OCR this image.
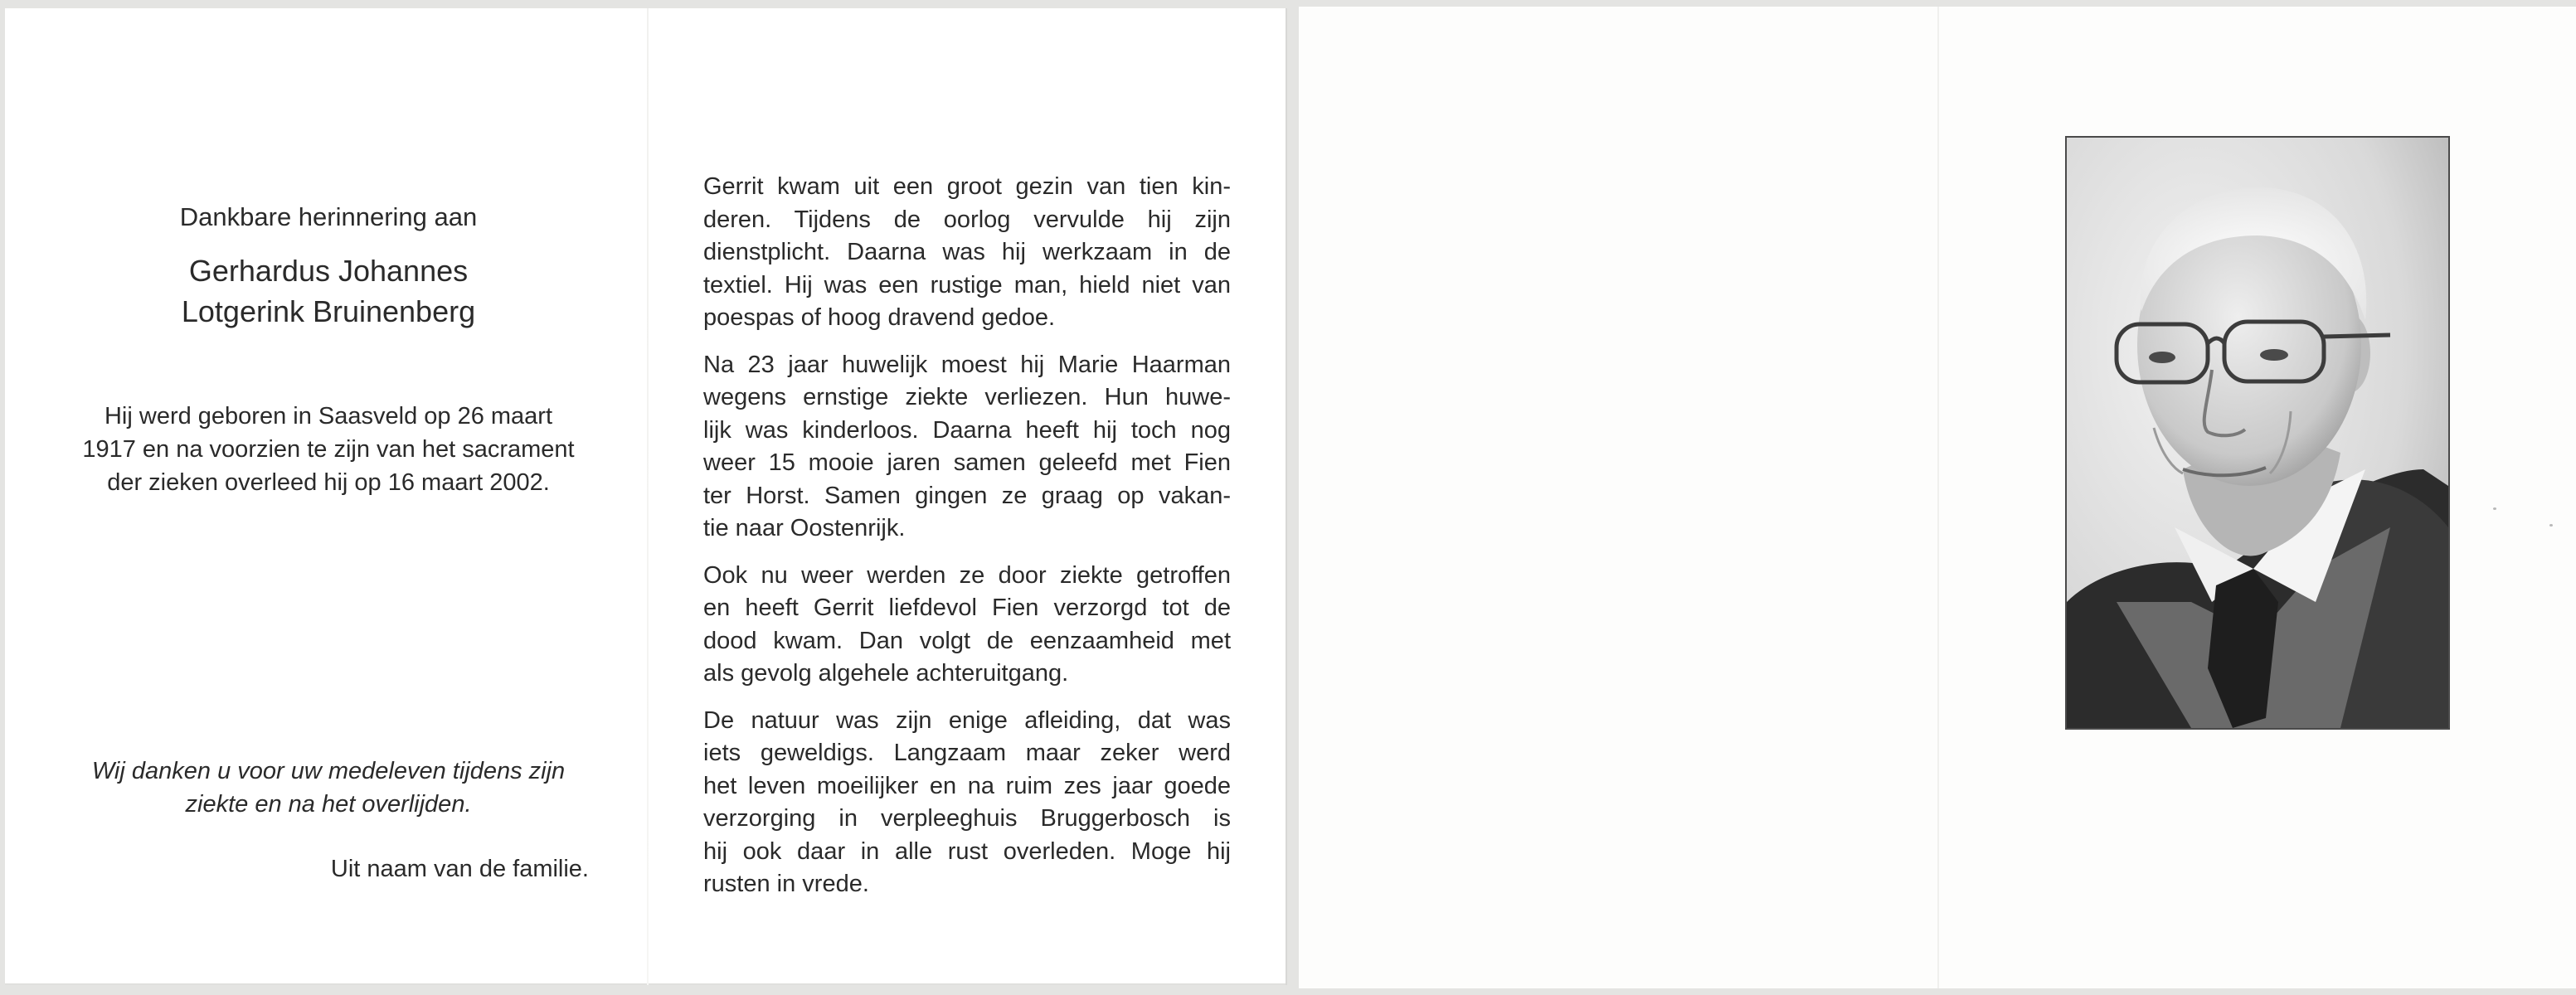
Dankbare herinnering aan
Gerhardus Johannes
Lotgerink Bruinenberg
Hij werd geboren in Saasveld op 26 maart
1917 en na voorzien te zijn van het sacrament
der zieken overleed hij op 16 maart 2002.
Wij danken u voor uw medeleven tijdens zijn
ziekte en na het overlijden.
Uit naam van de familie.

Gerrit kwam uit een groot gezin van tien kin-
deren. Tijdens de oorlog vervulde hij zijn
dienstplicht. Daarna was hij werkzaam in de
textiel. Hij was een rustige man, hield niet van
poespas of hoog dravend gedoe.

Na 23 jaar huwelijk moest hij Marie Haarman
wegens ernstige ziekte verliezen. Hun huwe-
lijk was kinderloos. Daarna heeft hij toch nog
weer 15 mooie jaren samen geleefd met Fien
ter Horst. Samen gingen ze graag op vakan-
tie naar Oostenrijk.

Ook nu weer werden ze door ziekte getroffen
en heeft Gerrit liefdevol Fien verzorgd tot de
dood kwam. Dan volgt de eenzaamheid met
als gevolg algehele achteruitgang.

De natuur was zijn enige afleiding, dat was
iets geweldigs. Langzaam maar zeker werd
het leven moeilijker en na ruim zes jaar goede
verzorging in verpleeghuis Bruggerbosch is
hij ook daar in alle rust overleden. Moge hij
rusten in vrede.
